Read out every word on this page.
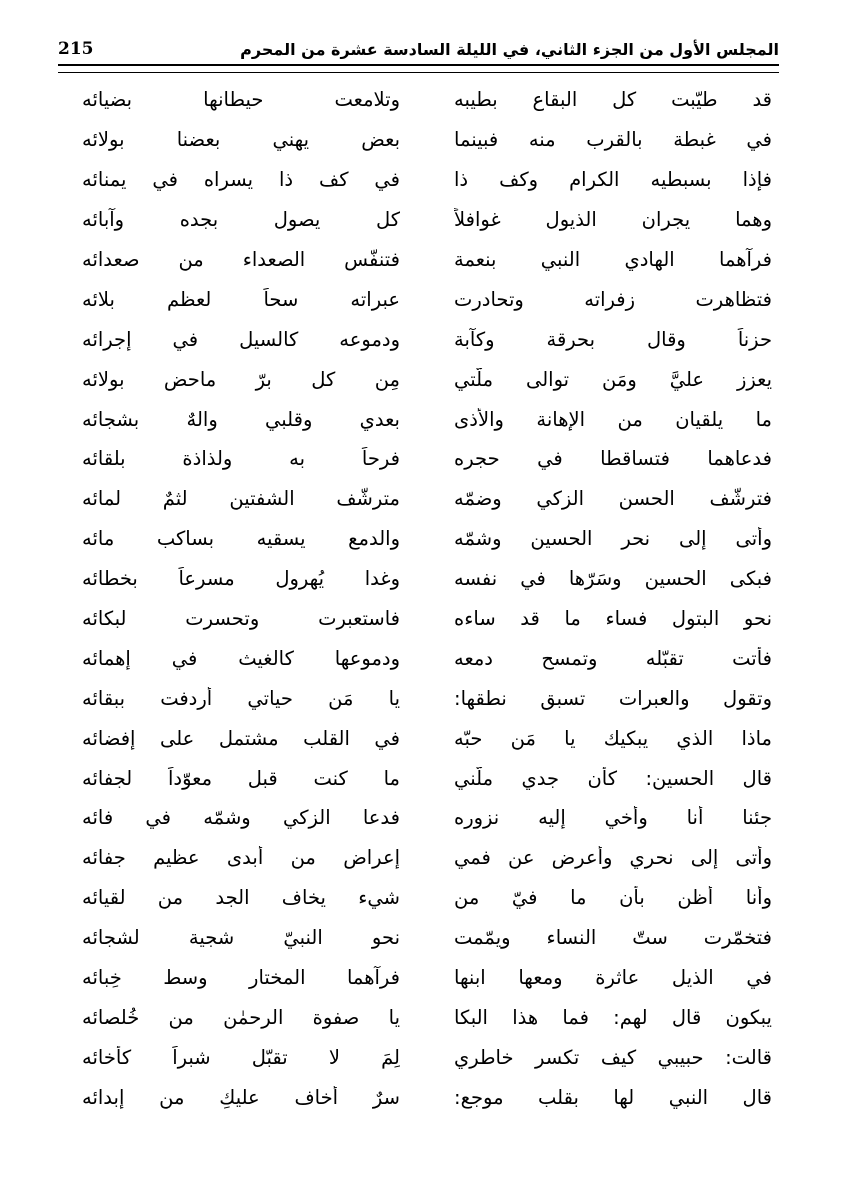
215	المجلس الأول من الجزء الثاني، في الليلة السادسة عشرة من المحرم
قد طيّبت كل البقاع بطيبه
وتلامعت حيطانها بضيائه
في غبطة بالقرب منه فبينما
بعض يهني بعضنا بولائه
فإذا بسبطيه الكرام وكف ذا
في كف ذا يسراه في يمنائه
وهما يجران الذيول غوافلاً
كل يصول بجده وآبائه
فرآهما الهادي النبي بنعمة
فتنفّس الصعداء من صعدائه
فتظاهرت زفراته وتحادرت
عبراته سحاً لعظم بلائه
حزناً وقال بحرقة وكآبة
ودموعه كالسيل في إجرائه
يعزز عليَّ ومَن توالى ملّتي
مِن كل برّ ماحض بولائه
ما يلقيان من الإهانة والأذى
بعدي وقلبي والهٌ بشجائه
فدعاهما فتساقطا في حجره
فرحاً به ولذاذة بلقائه
فترشّف الحسن الزكي وضمّه
مترشّف الشفتين لثمٌ لمائه
وأتى إلى نحر الحسين وشمّه
والدمع يسقيه بساكب مائه
فبكى الحسين وسَرّها في نفسه
وغدا يُهرول مسرعاً بخطائه
نحو البتول فساء ما قد ساءه
فاستعبرت وتحسرت لبكائه
فأتت تقبّله وتمسح دمعه
ودموعها كالغيث في إهمائه
وتقول والعبرات تسبق نطقها:
يا مَن حياتي أردفت ببقائه
ماذا الذي يبكيك يا مَن حبّه
في القلب مشتمل على إفضائه
قال الحسين: كأن جدي ملّني
ما كنت قبل معوّداً لجفائه
جئنا أنا وأخي إليه نزوره
فدعا الزكي وشمّه في فائه
وأتى إلى نحري وأعرض عن فمي
إعراض من أبدى عظيم جفائه
وأنا أظن بأن ما فيّ من
شيء يخاف الجد من لقيائه
فتخمّرت ستّ النساء ويمّمت
نحو النبيّ شجية لشجائه
في الذيل عاثرة ومعها ابنها
فرآهما المختار وسط خِبائه
يبكون قال لهم: فما هذا البكا
يا صفوة الرحمٰن من خُلصائه
قالت: حبيبي كيف تكسر خاطري
لِمَ لا تقبّل شبراً كأخائه
قال النبي لها بقلب موجع:
سرٌ أخاف عليكِ من إبدائه
